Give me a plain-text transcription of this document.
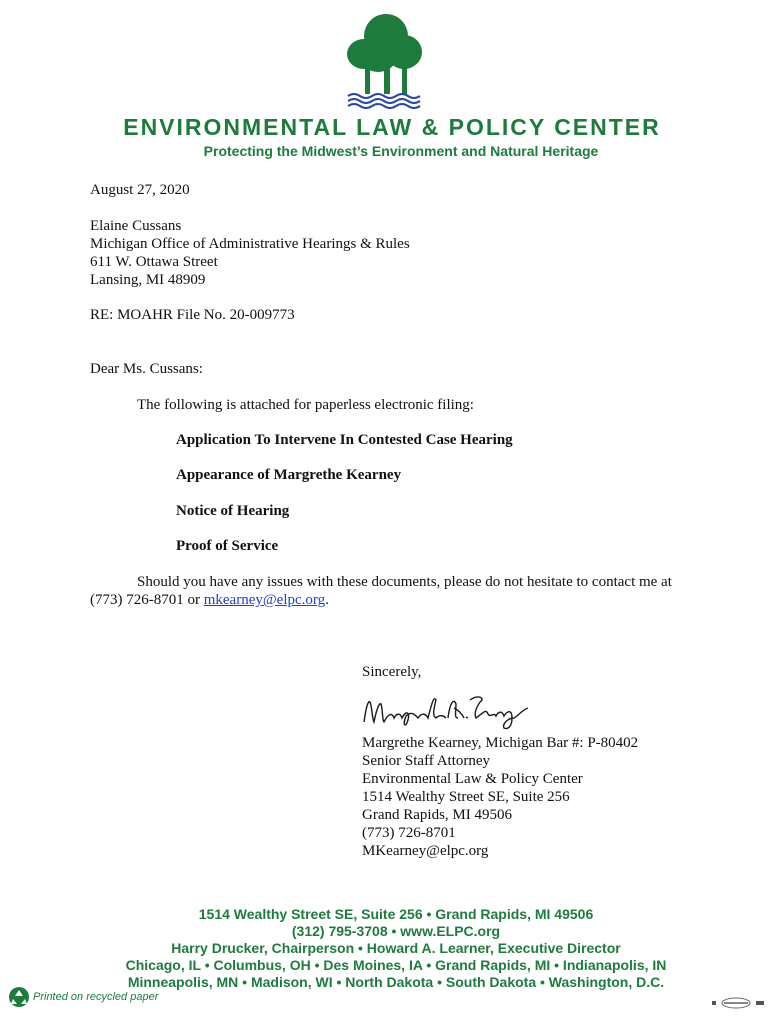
ENVIRONMENTAL LAW & POLICY CENTER
Protecting the Midwest’s Environment and Natural Heritage

August 27, 2020

Elaine Cussans
Michigan Office of Administrative Hearings & Rules
611 W. Ottawa Street
Lansing, MI 48909

RE: MOAHR File No. 20-009773

Dear Ms. Cussans:

The following is attached for paperless electronic filing:

Application To Intervene In Contested Case Hearing
Appearance of Margrethe Kearney
Notice of Hearing
Proof of Service

Should you have any issues with these documents, please do not hesitate to contact me at (773) 726-8701 or mkearney@elpc.org.

Sincerely,

Margrethe Kearney, Michigan Bar #: P-80402
Senior Staff Attorney
Environmental Law & Policy Center
1514 Wealthy Street SE, Suite 256
Grand Rapids, MI 49506
(773) 726-8701
MKearney@elpc.org
1514 Wealthy Street SE, Suite 256 • Grand Rapids, MI 49506
(312) 795-3708 • www.ELPC.org
Harry Drucker, Chairperson • Howard A. Learner, Executive Director
Chicago, IL • Columbus, OH • Des Moines, IA • Grand Rapids, MI • Indianapolis, IN
Minneapolis, MN • Madison, WI • North Dakota • South Dakota • Washington, D.C.
Printed on recycled paper
